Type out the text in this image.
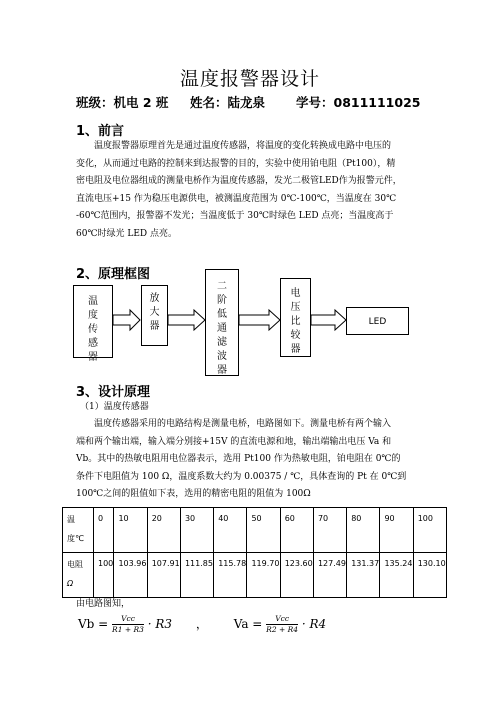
温度报警器设计
班级：机电 2 班 姓名：陆龙泉 学号：0811111025
1、前言
温度报警器原理首先是通过温度传感器，将温度的变化转换成电路中电压的
变化，从而通过电路的控制来到达报警的目的，实验中使用铂电阻（Pt100），精
密电阻及电位器组成的测量电桥作为温度传感器，发光二极管LED作为报警元件，
直流电压+15 作为稳压电源供电，被测温度范围为 0℃-100℃，当温度在 30℃
-60℃范围内，报警器不发光；当温度低于 30℃时绿色 LED 点亮；当温度高于
60℃时绿光 LED 点亮。
2、原理框图
温
度
传
感
器
放
大
器
二
阶
低
通
滤
波
器
电
压
比
较
器
LED
3、设计原理
（1）温度传感器
温度传感器采用的电路结构是测量电桥，电路图如下。测量电桥有两个输入
端和两个输出端，输入端分别接+15V 的直流电源和地，输出端输出电压 Va 和
Vb。其中的热敏电阻用电位器表示，选用 Pt100 作为热敏电阻，铂电阻在 0℃的
条件下电阻值为 100 Ω，温度系数大约为 0.00375 / ℃，具体查询的 Pt 在 0℃到
100℃之间的阻值如下表，选用的精密电阻的阻值为 100Ω
温
度℃	0	10	20	30	40	50	60	70	80	90	100

电阻
Ω	100	103.96	107.91	111.85	115.78	119.70	123.60	127.49	131.37	135.24	130.10
由电路图知，
$Vb = \frac{\text{Vcc}}{R1 + R3} \cdot R3$ ， $Va = \frac{\text{Vcc}}{R2 + R4} \cdot R4$
